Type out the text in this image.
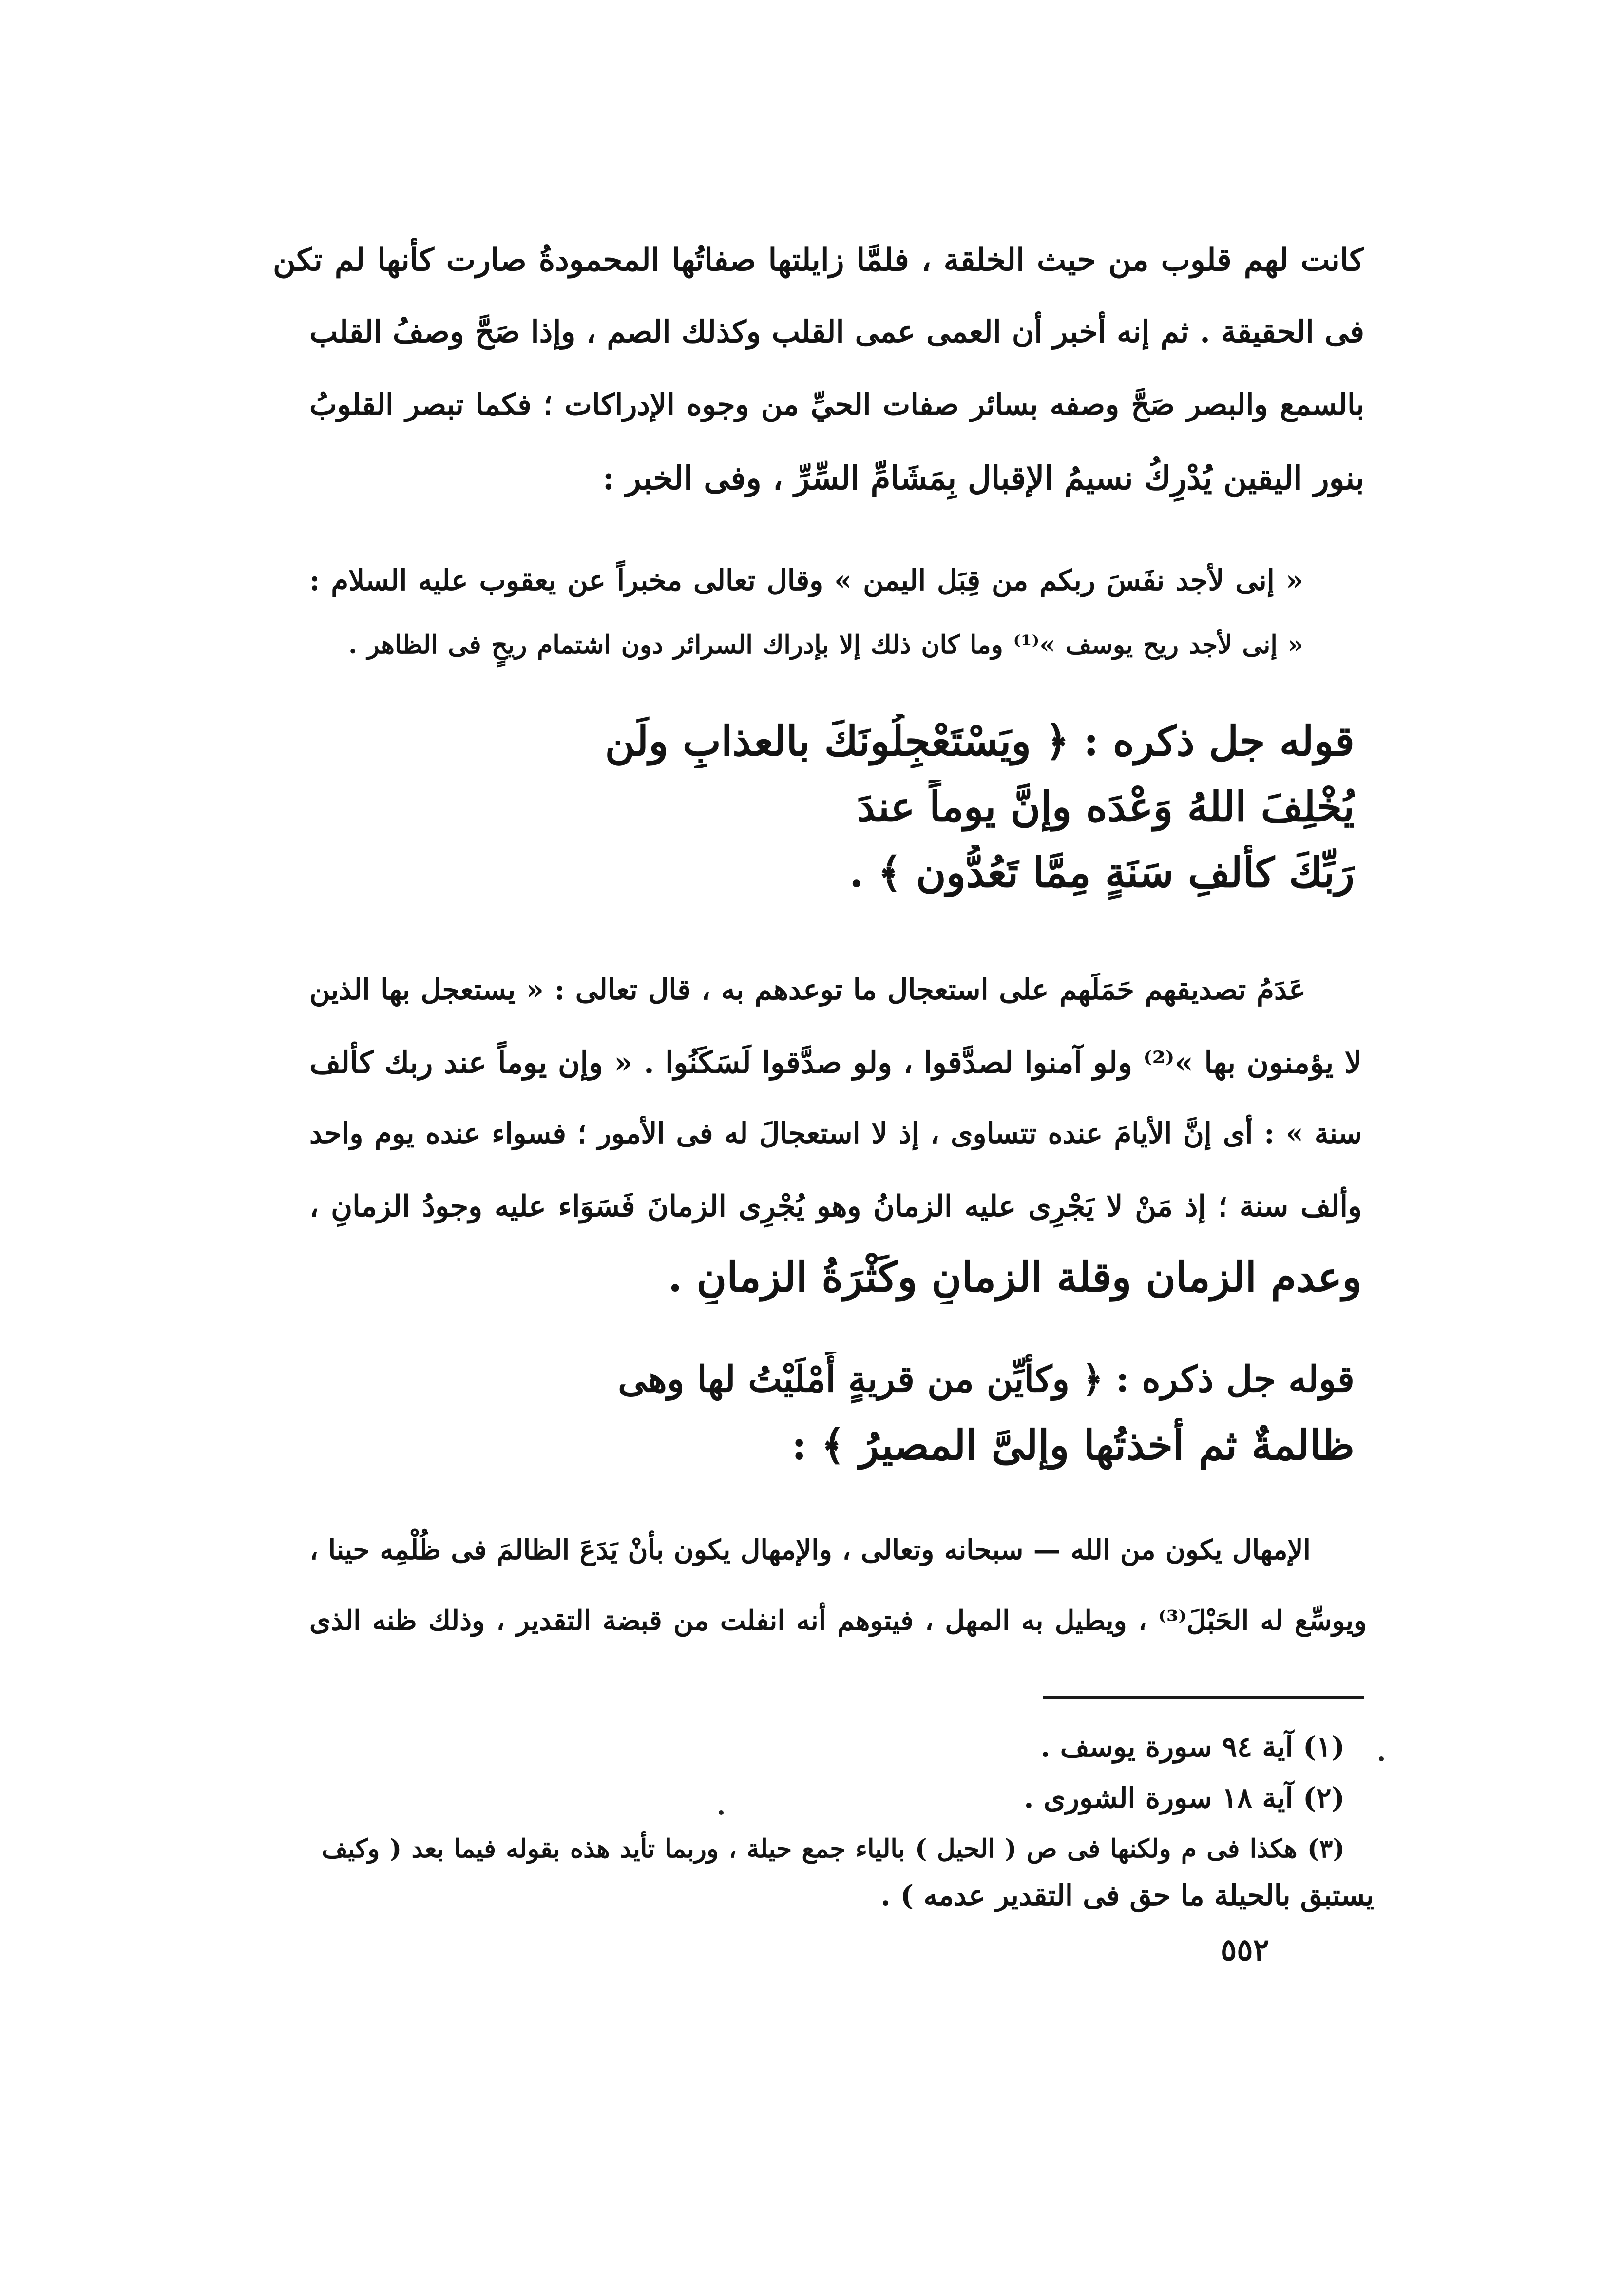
كانت لهم قلوب من حيث الخلقة ، فلمَّا زايلتها صفاتُها المحمودةُ صارت كأنها لم تكن
فى الحقيقة . ثم إنه أخبر أن العمى عمى القلب وكذلك الصم ، وإذا صَحَّ وصفُ القلب
بالسمع والبصر صَحَّ وصفه بسائر صفات الحيِّ من وجوه الإدراكات ؛ فكما تبصر القلوبُ
بنور اليقين يُدْرِكُ نسيمُ الإقبال بِمَشَامِّ السِّرِّ ، وفى الخبر :
« إنى لأجد نفَسَ ربكم من قِبَل اليمن » وقال تعالى مخبراً عن يعقوب عليه السلام :
« إنى لأجد ريح يوسف »⁽¹⁾ وما كان ذلك إلا بإدراك السرائر دون اشتمام ريحٍ فى الظاهر .
قوله جل ذكره : ﴿ ويَسْتَعْجِلُونَكَ بالعذابِ ولَن
يُخْلِفَ اللهُ وَعْدَه وإنَّ يوماً عندَ
رَبِّكَ كألفِ سَنَةٍ مِمَّا تَعُدُّون ﴾ .
عَدَمُ تصديقهم حَمَلَهم على استعجال ما توعدهم به ، قال تعالى : « يستعجل بها الذين
لا يؤمنون بها »⁽²⁾ ولو آمنوا لصدَّقوا ، ولو صدَّقوا لَسَكَنُوا . « وإن يوماً عند ربك كألف
سنة » : أى إنَّ الأيامَ عنده تتساوى ، إذ لا استعجالَ له فى الأمور ؛ فسواء عنده يوم واحد
وألف سنة ؛ إذ مَنْ لا يَجْرِى عليه الزمانُ وهو يُجْرِى الزمانَ فَسَوَاء عليه وجودُ الزمانِ ،
وعدم الزمان وقلة الزمانِ وكَثْرَةُ الزمانِ .
قوله جل ذكره : ﴿ وكأيِّن من قريةٍ أَمْلَيْتُ لها وهى
ظالمةٌ ثم أخذتُها وإلىَّ المصيرُ ﴾ :
الإمهال يكون من الله — سبحانه وتعالى ، والإمهال يكون بأنْ يَدَعَ الظالمَ فى ظُلْمِه حينا ،
ويوسِّع له الحَبْلَ⁽³⁾ ، ويطيل به المهل ، فيتوهم أنه انفلت من قبضة التقدير ، وذلك ظنه الذى
(١) آية ٩٤ سورة يوسف .
(٢) آية ١٨ سورة الشورى .
(٣) هكذا فى م ولكنها فى ص ( الحيل ) بالياء جمع حيلة ، وربما تأيد هذه بقوله فيما بعد ( وكيف
يستبق بالحيلة ما حق فى التقدير عدمه ) .
٥٥٢
